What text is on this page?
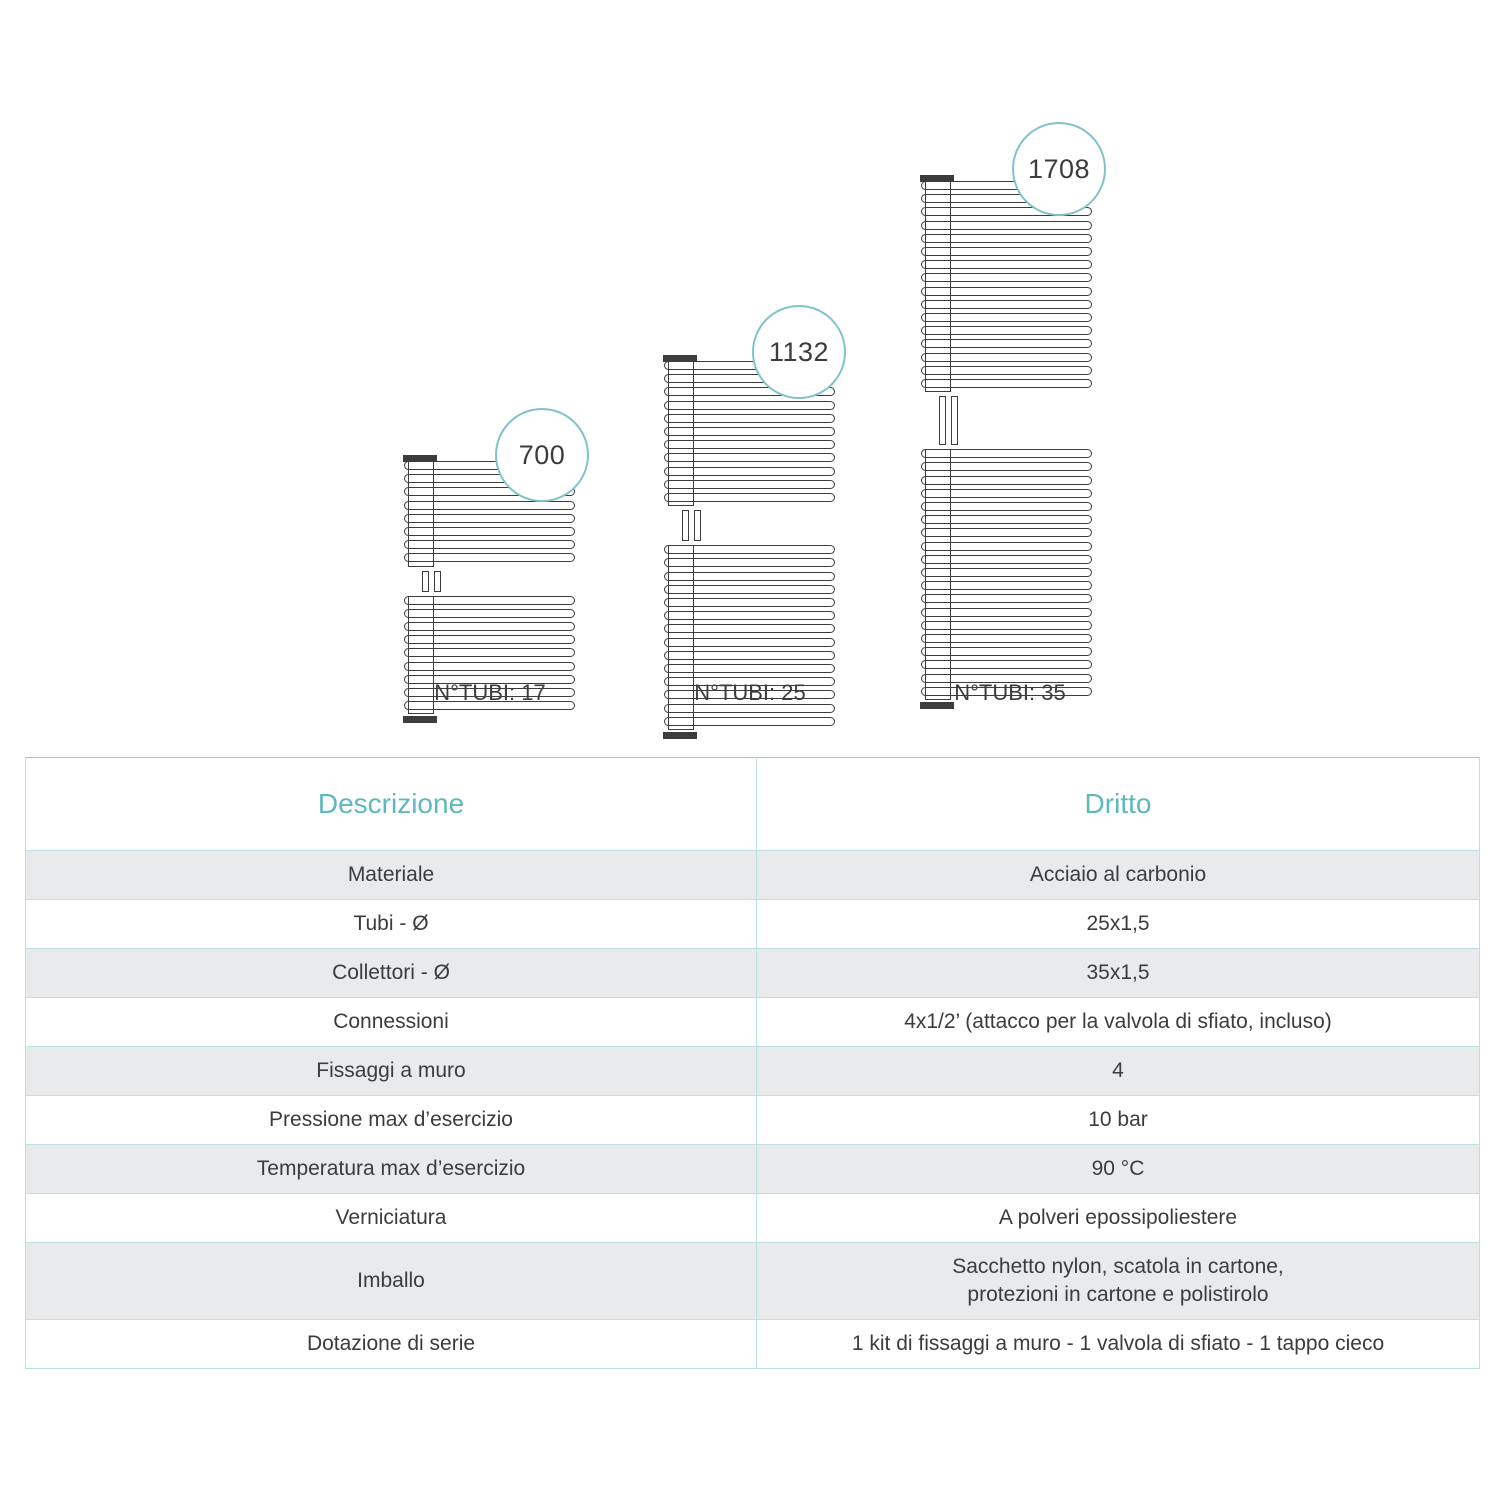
700
N°TUBI: 17
1132
N°TUBI: 25
1708
N°TUBI: 35
Descrizione	Dritto
Materiale	Acciaio al carbonio
Tubi - Ø	25x1,5
Collettori - Ø	35x1,5
Connessioni	4x1/2’ (attacco per la valvola di sfiato, incluso)
Fissaggi a muro	4
Pressione max d’esercizio	10 bar
Temperatura max d’esercizio	90 °C
Verniciatura	A polveri epossipoliestere
Imballo	Sacchetto nylon, scatola in cartone,
protezioni in cartone e polistirolo

Dotazione di serie	1 kit di fissaggi a muro - 1 valvola di sfiato - 1 tappo cieco
